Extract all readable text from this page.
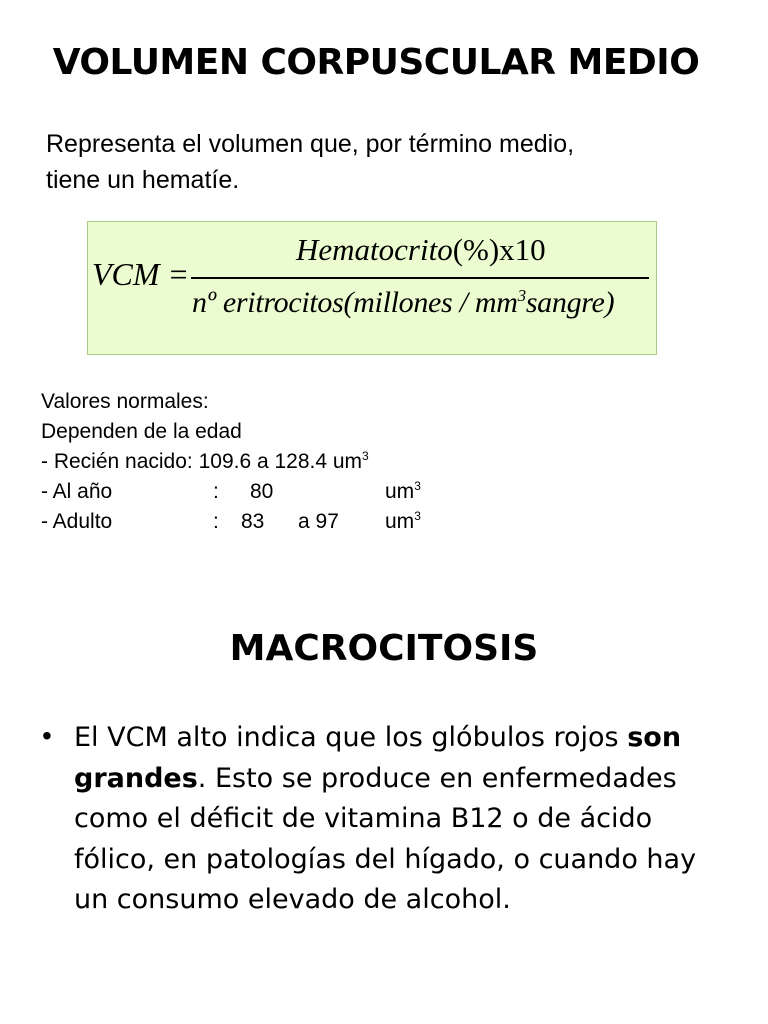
VOLUMEN CORPUSCULAR MEDIO
Representa el volumen que, por término medio,
tiene un hematíe.
VCM =
Hematocrito(%)x10
nº eritrocitos(millones / $mm^3sangre$)
Valores normales:
Dependen de la edad
- Recién nacido: 109.6 a 128.4 $um^3$
- Al año	: 80	$um^3$
- Adulto	: 83 a 97 $um^3$
MACROCITOSIS
• El VCM alto indica que los glóbulos rojos son grandes. Esto se produce en enfermedades como el déficit de vitamina B12 o de ácido fólico, en patologías del hígado, o cuando hay un consumo elevado de alcohol.
